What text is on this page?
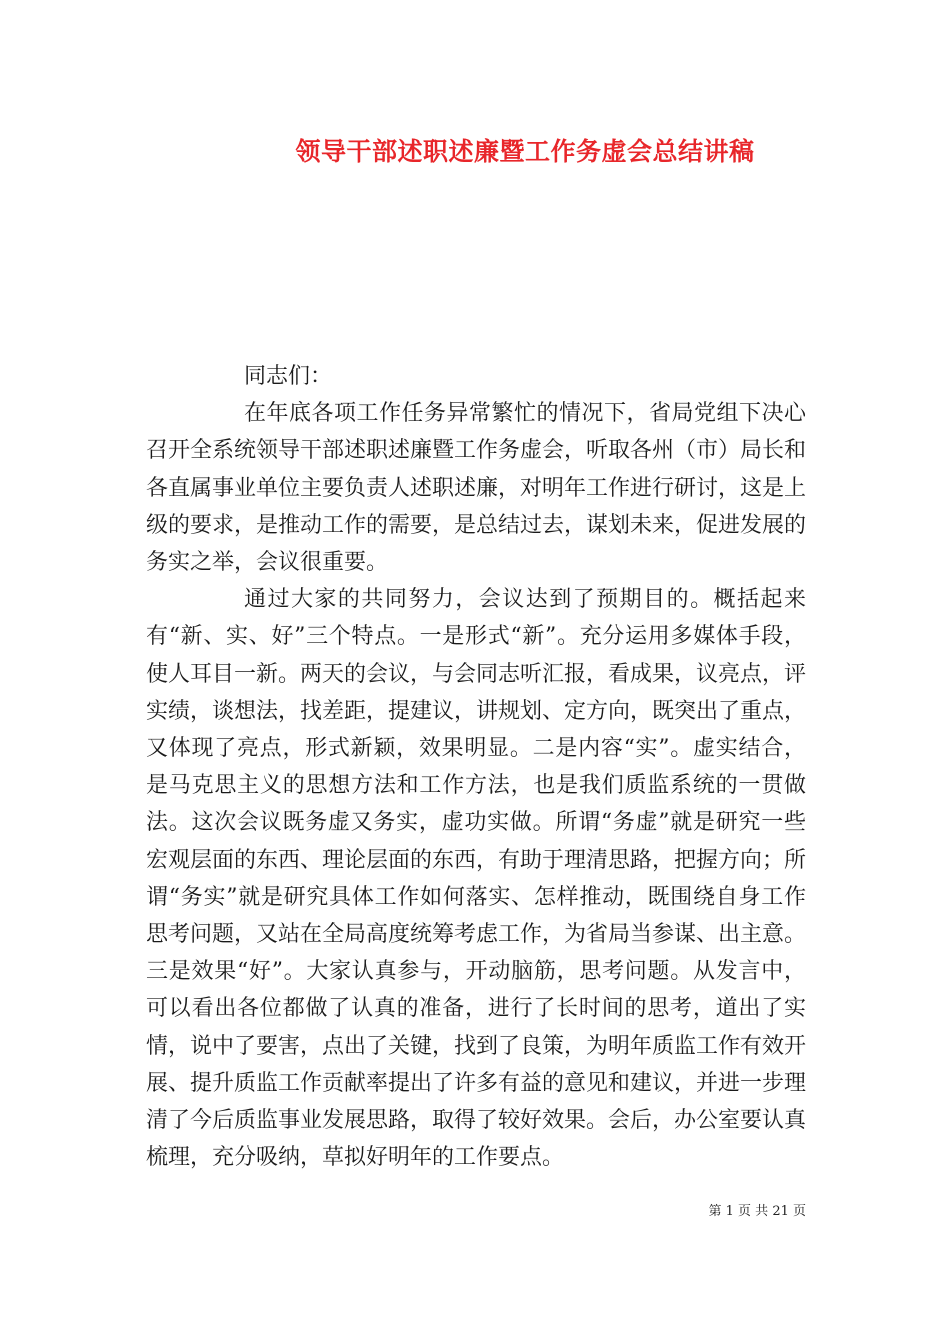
领导干部述职述廉暨工作务虚会总结讲稿

同志们：

在年底各项工作任务异常繁忙的情况下，省局党组下决心召开全系统领导干部述职述廉暨工作务虚会，听取各州（市）局长和各直属事业单位主要负责人述职述廉，对明年工作进行研讨，这是上级的要求，是推动工作的需要，是总结过去，谋划未来，促进发展的务实之举，会议很重要。

通过大家的共同努力，会议达到了预期目的。概括起来有“新、实、好”三个特点。一是形式“新”。充分运用多媒体手段，使人耳目一新。两天的会议，与会同志听汇报，看成果，议亮点，评实绩，谈想法，找差距，提建议，讲规划、定方向，既突出了重点，又体现了亮点，形式新颖，效果明显。二是内容“实”。虚实结合，是马克思主义的思想方法和工作方法，也是我们质监系统的一贯做法。这次会议既务虚又务实，虚功实做。所谓“务虚”就是研究一些宏观层面的东西、理论层面的东西，有助于理清思路，把握方向；所谓“务实”就是研究具体工作如何落实、怎样推动，既围绕自身工作思考问题，又站在全局高度统筹考虑工作，为省局当参谋、出主意。三是效果“好”。大家认真参与，开动脑筋，思考问题。从发言中，可以看出各位都做了认真的准备，进行了长时间的思考，道出了实情，说中了要害，点出了关键，找到了良策，为明年质监工作有效开展、提升质监工作贡献率提出了许多有益的意见和建议，并进一步理清了今后质监事业发展思路，取得了较好效果。会后，办公室要认真梳理，充分吸纳，草拟好明年的工作要点。

第 1 页 共 21 页
